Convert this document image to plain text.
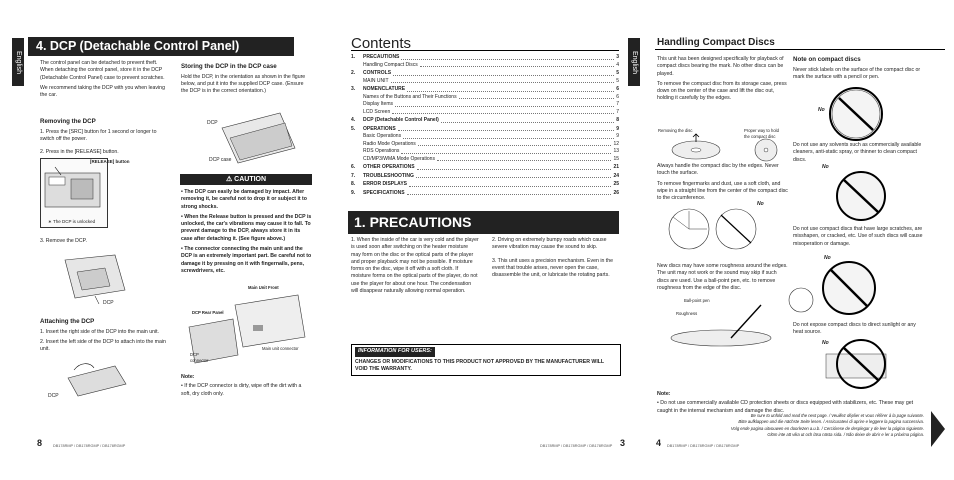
English
4. DCP (Detachable Control Panel)

The control panel can be detached to prevent theft. When detaching the control panel, store it in the DCP (Detachable Control Panel) case to prevent scratches.

We recommend taking the DCP with you when leaving the car.

Removing the DCP

1. Press the [SRC] button for 1 second or longer to switch off the power.

2. Press in the [RELEASE] button.

[RELEASE] button
∗ The DCP is unlocked
3. Remove the DCP.
DCP
Attaching the DCP

1. Insert the right side of the DCP into the main unit.

2. Insert the left side of the DCP to attach into the main unit.

DCP
Storing the DCP in the DCP case

Hold the DCP, in the orientation as shown in the figure below, and put it into the supplied DCP case. (Ensure the DCP is in the correct orientation.)

DCP
DCP case
⚠ CAUTION

• The DCP can easily be damaged by impact. After removing it, be careful not to drop it or subject it to strong shocks.

• When the Release button is pressed and the DCP is unlocked, the car's vibrations may cause it to fall. To prevent damage to the DCP, always store it in its case after detaching it. (See figure above.)

• The connector connecting the main unit and the DCP is an extremely important part. Be careful not to damage it by pressing on it with fingernails, pens, screwdrivers, etc.

Main Unit Front
DCP Rear Panel
DCP connector
Main unit connector
Note:

• If the DCP connector is dirty, wipe off the dirt with a soft, dry cloth only.

8	DB178RMP / DB178RGMP / DB178RGMP
Contents
1.	PRECAUTIONS	3
Handling Compact Discs	4
2.	CONTROLS	5
MAIN UNIT	5
3.	NOMENCLATURE	6
Names of the Buttons and Their Functions	6
Display Items	7
LCD Screen	7
4.	DCP (Detachable Control Panel)	8
5.	OPERATIONS	9
Basic Operations	9
Radio Mode Operations	12
RDS Operations	13
CD/MP3/WMA Mode Operations	15
6.	OTHER OPERATIONS	21
7.	TROUBLESHOOTING	24
8.	ERROR DISPLAYS	25
9.	SPECIFICATIONS	26
1. PRECAUTIONS

1. When the inside of the car is very cold and the player is used soon after switching on the heater moisture may form on the disc or the optical parts of the player and proper playback may not be possible. If moisture forms on the disc, wipe it off with a soft cloth. If moisture forms on the optical parts of the player, do not use the player for about one hour. The condensation will disappear naturally allowing normal operation.

2. Driving on extremely bumpy roads which cause severe vibration may cause the sound to skip.

3. This unit uses a precision mechanism. Even in the event that trouble arises, never open the case, disassemble the unit, or lubricate the rotating parts.

INFORMATION FOR USERS:
CHANGES OR MODIFICATIONS TO THIS PRODUCT NOT APPROVED BY THE MANUFACTURER WILL VOID THE WARRANTY.
DB178RMP / DB178RGMP / DB178RGMP 3
English
Handling Compact Discs

This unit has been designed specifically for playback of compact discs bearing the mark. No other discs can be played.

To remove the compact disc from its storage case, press down on the center of the case and lift the disc out, holding it carefully by the edges.

Removing the disc	Proper way to hold the compact disc

Always handle the compact disc by the edges. Never touch the surface.

To remove fingermarks and dust, use a soft cloth, and wipe in a straight line from the center of the compact disc to the circumference.

No
New discs may have some roughness around the edges. The unit may not work or the sound may skip if such discs are used. Use a ball-point pen, etc. to remove roughness from the edge of the disc.
Ball-point pen
Roughness
Note on compact discs

Never stick labels on the surface of the compact disc or mark the surface with a pencil or pen.

No
Do not use any solvents such as commercially available cleaners, anti-static spray, or thinner to clean compact discs.
No
Do not use compact discs that have large scratches, are misshapen, or cracked, etc. Use of such discs will cause misoperation or damage.
No
Do not expose compact discs to direct sunlight or any heat source.
No
Note:

• Do not use commercially available CD protection sheets or discs equipped with stabilizers, etc. These may get caught in the internal mechanism and damage the disc.

Be sure to unfold and read the next page. / Veuillez déplier et vous référer à la page suivante.
Bitte aufklappen und die nächste Seite lesen. / Assicuratevi di aprire e leggere la pagina successiva.
Volg ende pagina uitvouwen en doorlezen a.u.b. / Cerciórese de desplegar y de leer la página siguiente.
Glöm inte att vika ut och läsa nästa sida. / Não deixe de abrir e ler a próxima página.
4 DB178RMP / DB178RGMP / DB178RGMP
